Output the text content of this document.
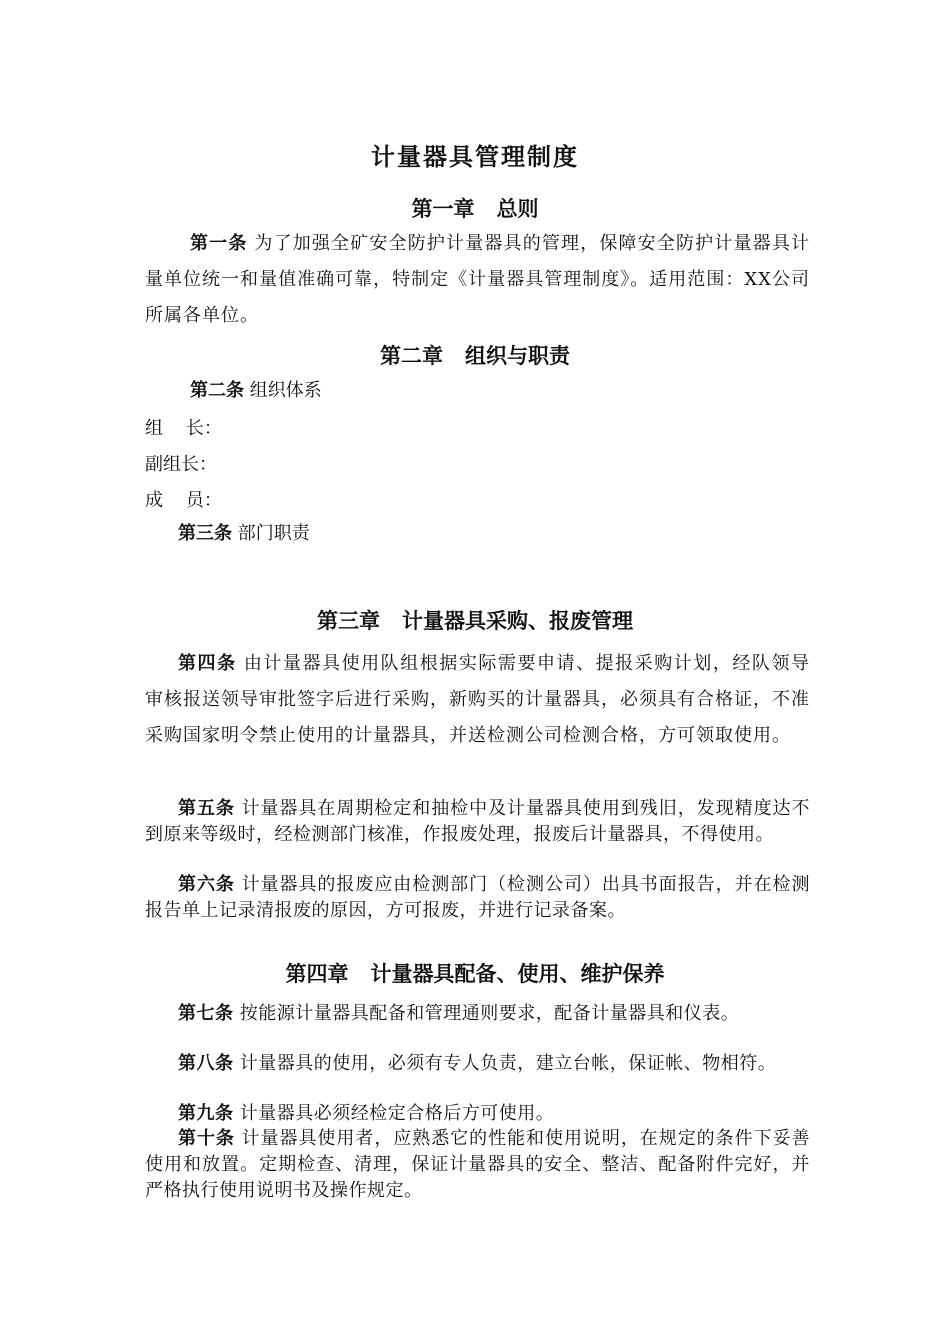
计量器具管理制度
第一章   总则
第一条 为了加强全矿安全防护计量器具的管理，保障安全防护计量器具计量单位统一和量值准确可靠，特制定《计量器具管理制度》。适用范围：XX公司所属各单位。
第二章   组织与职责
第二条 组织体系
组    长：
副组长：
成    员：
第三条 部门职责
第三章   计量器具采购、报废管理
第四条 由计量器具使用队组根据实际需要申请、提报采购计划，经队领导审核报送领导审批签字后进行采购，新购买的计量器具，必须具有合格证，不准采购国家明令禁止使用的计量器具，并送检测公司检测合格，方可领取使用。
第五条 计量器具在周期检定和抽检中及计量器具使用到残旧，发现精度达不到原来等级时，经检测部门核准，作报废处理，报废后计量器具，不得使用。
第六条 计量器具的报废应由检测部门（检测公司）出具书面报告，并在检测报告单上记录清报废的原因，方可报废，并进行记录备案。
第四章   计量器具配备、使用、维护保养
第七条 按能源计量器具配备和管理通则要求，配备计量器具和仪表。
第八条 计量器具的使用，必须有专人负责，建立台帐，保证帐、物相符。
第九条 计量器具必须经检定合格后方可使用。
第十条 计量器具使用者，应熟悉它的性能和使用说明，在规定的条件下妥善使用和放置。定期检查、清理，保证计量器具的安全、整洁、配备附件完好，并严格执行使用说明书及操作规定。
